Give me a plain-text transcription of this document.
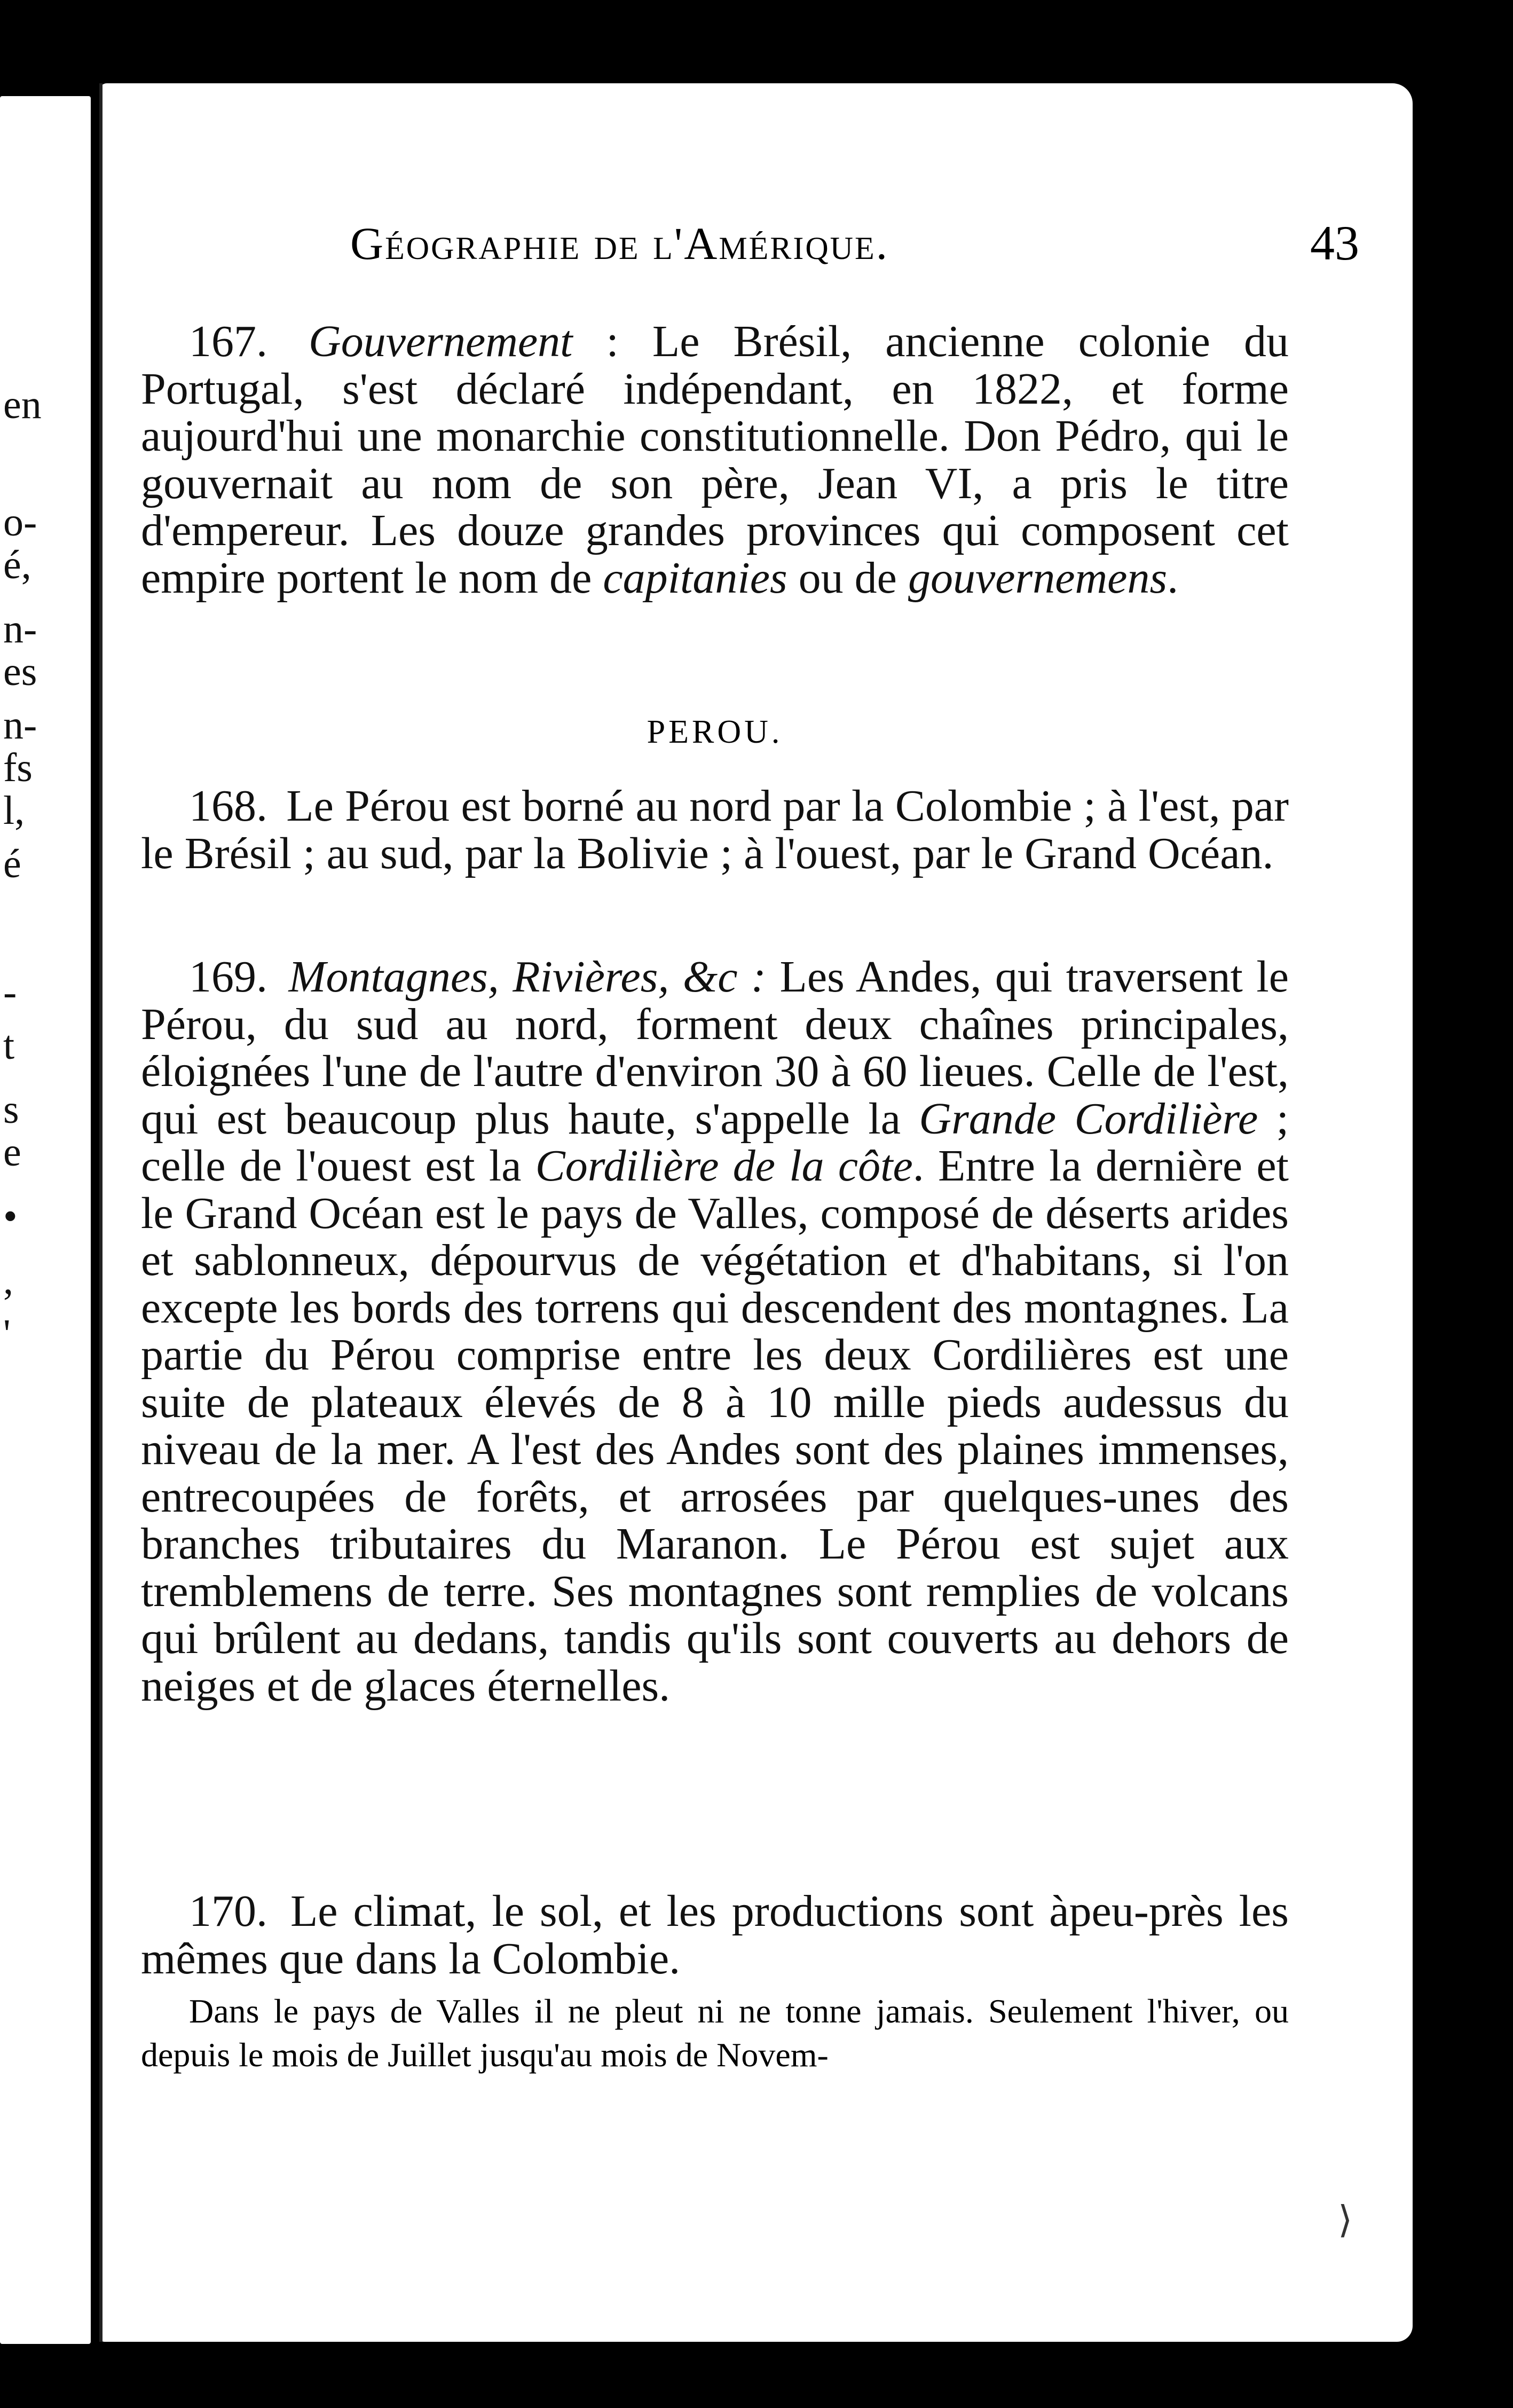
en
o-
é,
n-
es
n-
fs
l,
é
-
t
s
e
•
,
'
Géographie de l'Amérique.	43
167. Gouvernement : Le Brésil, ancienne colonie du Portugal, s'est déclaré indépendant, en 1822, et forme aujourd'hui une monarchie constitutionnelle. Don Pédro, qui le gouvernait au nom de son père, Jean VI, a pris le titre d'empereur. Les douze grandes provinces qui composent cet empire portent le nom de capitanies ou de gouvernemens.
PEROU.
168. Le Pérou est borné au nord par la Colombie ; à l'est, par le Brésil ; au sud, par la Bolivie ; à l'ouest, par le Grand Océan.
169. Montagnes, Rivières, &c : Les Andes, qui traversent le Pérou, du sud au nord, forment deux chaînes principales, éloignées l'une de l'autre d'environ 30 à 60 lieues. Celle de l'est, qui est beaucoup plus haute, s'appelle la Grande Cordilière ; celle de l'ouest est la Cordilière de la côte. Entre la dernière et le Grand Océan est le pays de Valles, composé de déserts arides et sablonneux, dépourvus de végétation et d'habitans, si l'on excepte les bords des torrens qui descendent des montagnes. La partie du Pérou comprise entre les deux Cordilières est une suite de plateaux élevés de 8 à 10 mille pieds audessus du niveau de la mer. A l'est des Andes sont des plaines immenses, entrecoupées de forêts, et arrosées par quelques-unes des branches tributaires du Maranon. Le Pérou est sujet aux tremblemens de terre. Ses montagnes sont remplies de volcans qui brûlent au dedans, tandis qu'ils sont couverts au dehors de neiges et de glaces éternelles.
170. Le climat, le sol, et les productions sont àpeu-près les mêmes que dans la Colombie.
Dans le pays de Valles il ne pleut ni ne tonne jamais. Seulement l'hiver, ou depuis le mois de Juillet jusqu'au mois de Novem-
⟩
